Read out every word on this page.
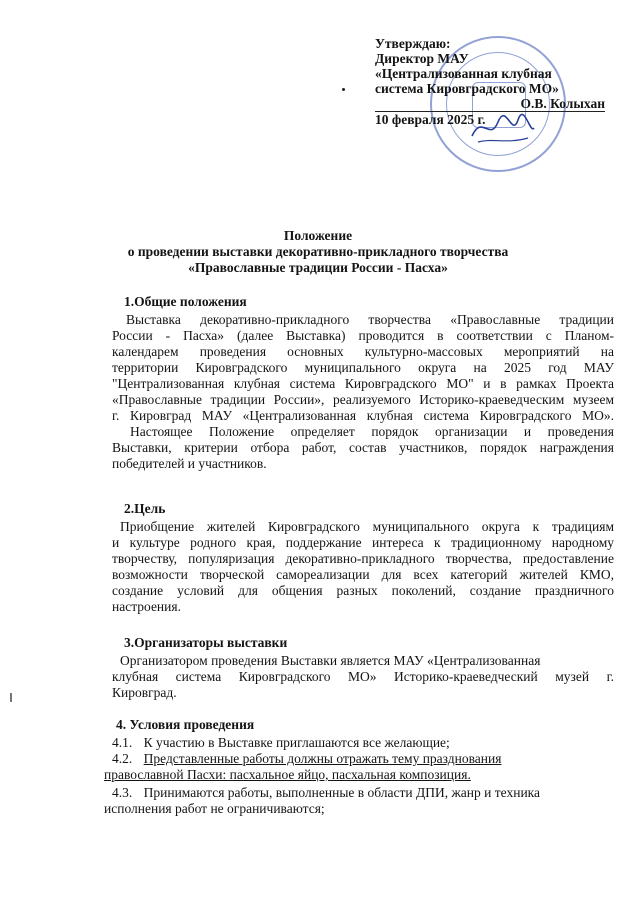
Утверждаю:
Директор МАУ
«Централизованная клубная
система Кировградского МО»
О.В. Колыхан
10 февраля 2025 г.
Положение
о проведении выставки декоративно-прикладного творчества
«Православные традиции России - Пасха»
1.Общие положения
Выставка декоративно-прикладного творчества «Православные традиции
России - Пасха» (далее Выставка) проводится в соответствии с Планом-
календарем проведения основных культурно-массовых мероприятий на
территории Кировградского муниципального округа на 2025 год МАУ
"Централизованная клубная система Кировградского МО" и в рамках Проекта
«Православные традиции России», реализуемого Историко-краеведческим музеем
г. Кировград МАУ «Централизованная клубная система Кировградского МО».
Настоящее Положение определяет порядок организации и проведения
Выставки, критерии отбора работ, состав участников, порядок награждения
победителей и участников.
2.Цель
Приобщение жителей Кировградского муниципального округа к традициям
и культуре родного края, поддержание интереса к традиционному народному
творчеству, популяризация декоративно-прикладного творчества, предоставление
возможности творческой самореализации для всех категорий жителей КМО,
создание условий для общения разных поколений, создание праздничного
настроения.
3.Организаторы выставки
Организатором проведения Выставки является МАУ «Централизованная
клубная система Кировградского МО» Историко-краеведческий музей г.
Кировград.
4. Условия проведения
4.1. К участию в Выставке приглашаются все желающие;
4.2. Представленные работы должны отражать тему празднования
православной Пасхи: пасхальное яйцо, пасхальная композиция.
4.3. Принимаются работы, выполненные в области ДПИ, жанр и техника
исполнения работ не ограничиваются;
